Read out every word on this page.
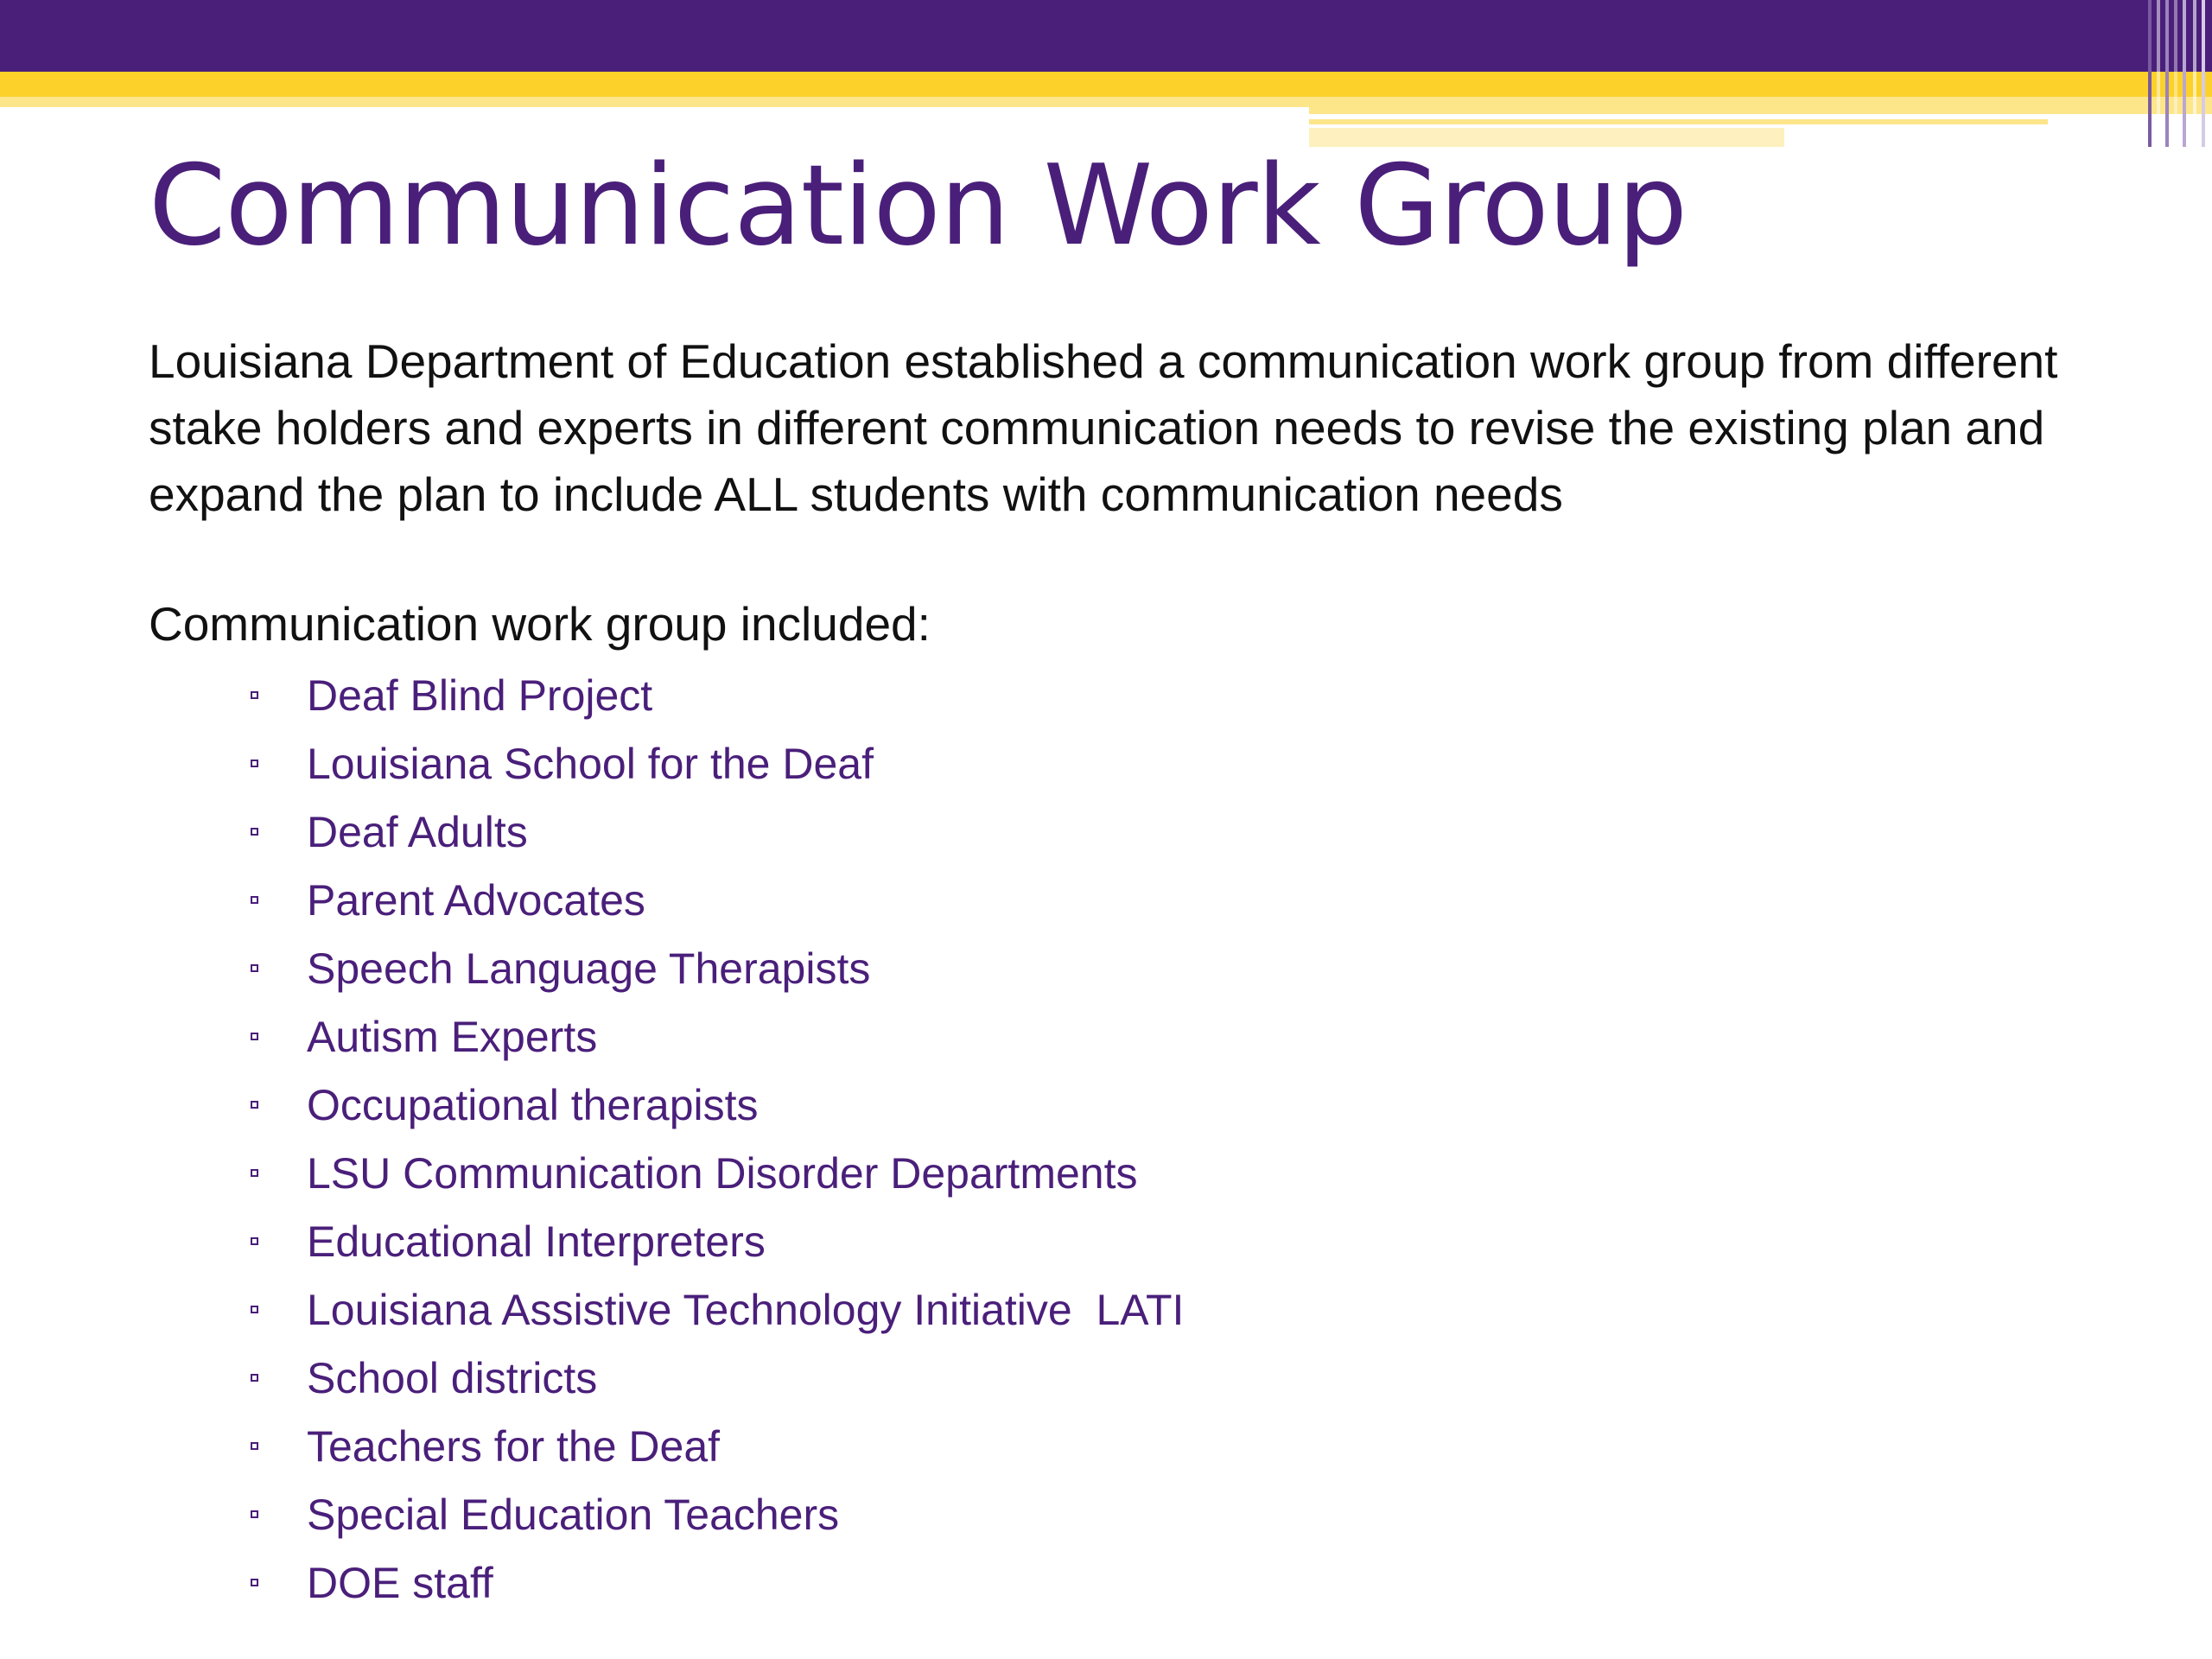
Communication Work Group

Louisiana Department of Education established a communication work group from different stake holders and experts in different communication needs to revise the existing plan and expand the plan to include ALL students with communication needs

Communication work group included:

Deaf Blind Project
Louisiana School for the Deaf
Deaf Adults
Parent Advocates
Speech Language Therapists
Autism Experts
Occupational therapists
LSU Communication Disorder Departments
Educational Interpreters
Louisiana Assistive Technology Initiative  LATI
School districts
Teachers for the Deaf
Special Education Teachers
DOE staff
